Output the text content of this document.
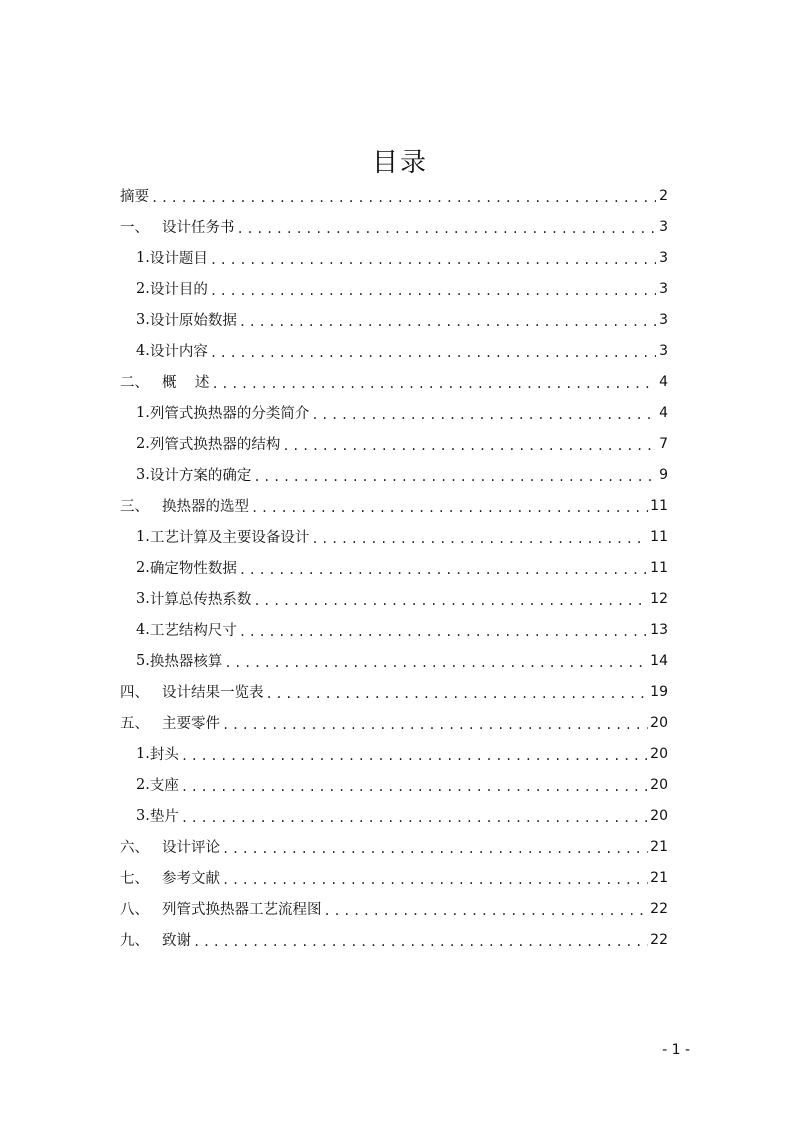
目录
摘要 .....	2
一、 设计任务书 .....	3
1. 设计题目 .....	3
2. 设计目的 .....	3
3. 设计原始数据 .....	3
4. 设计内容 .....	3
二、 概    述 .....	4
1. 列管式换热器的分类简介 .....	4
2. 列管式换热器的结构 .....	7
3. 设计方案的确定 .....	9
三、 换热器的选型 .....	11
1. 工艺计算及主要设备设计 .....	11
2. 确定物性数据 .....	11
3. 计算总传热系数 .....	12
4. 工艺结构尺寸 .....	13
5. 换热器核算 .....	14
四、 设计结果一览表 .....	19
五、 主要零件 .....	20
1. 封头 .....	20
2. 支座 .....	20
3. 垫片 .....	20
六、 设计评论 .....	21
七、 参考文献 .....	21
八、 列管式换热器工艺流程图 .....	22
九、 致谢 .....	22
- 1 -
